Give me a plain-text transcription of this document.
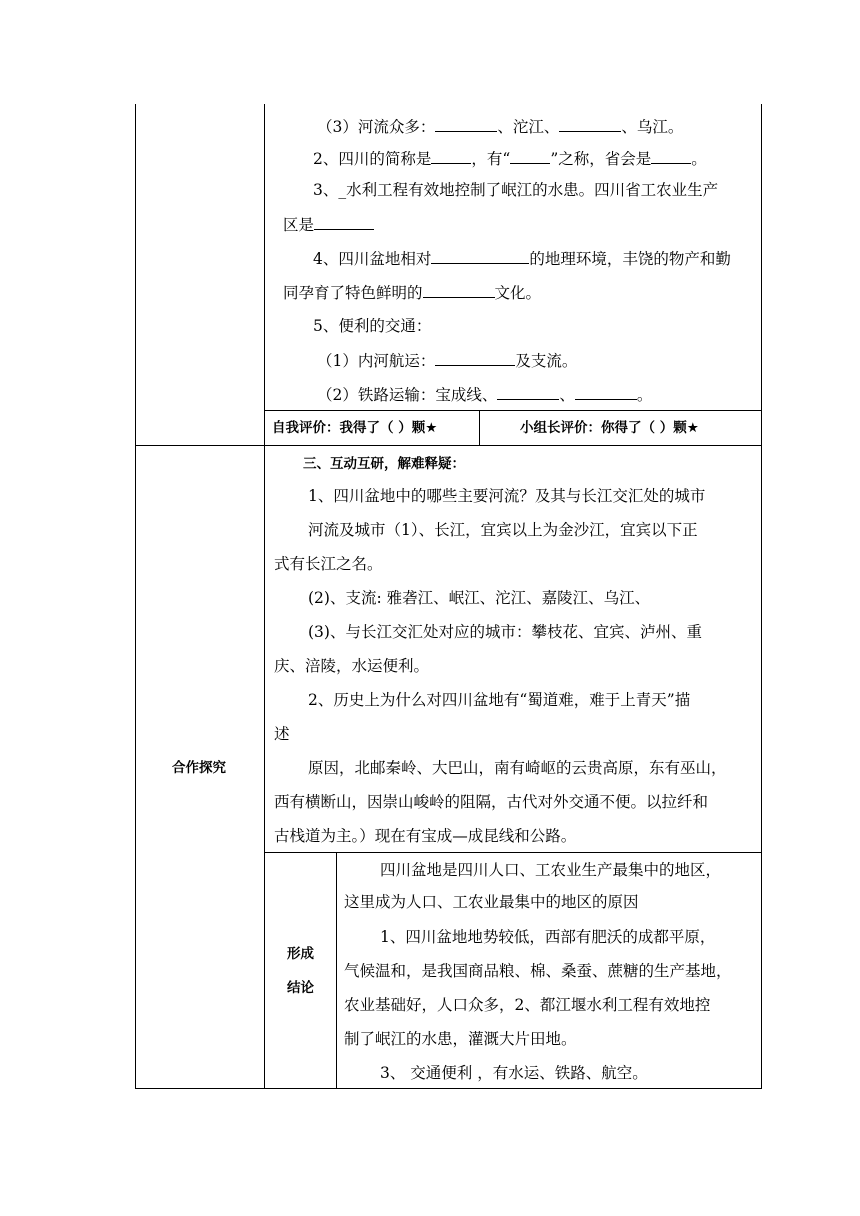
（3）河流众多：	、沱江、	、乌江。
2、四川的简称是	，有“	”之称，省会是	。
3、_水利工程有效地控制了岷江的水患。四川省工农业生产
区是
4、四川盆地相对	的地理环境，丰饶的物产和勤
同孕育了特色鲜明的	文化。
5、便利的交通：
（1）内河航运：	及支流。
（2）铁路运输：宝成线、	、	。
自我评价：我得了（ ）颗★	小组长评价：你得了（ ）颗★
合作探究
三、互动互研，解难释疑：
1、四川盆地中的哪些主要河流？及其与长江交汇处的城市
河流及城市（1）、长江，宜宾以上为金沙江，宜宾以下正
式有长江之名。
(2)、支流: 雅砻江、岷江、沱江、嘉陵江、乌江、
(3)、与长江交汇处对应的城市：攀枝花、宜宾、泸州、重
庆、涪陵，水运便利。
2、历史上为什么对四川盆地有“蜀道难，难于上青天”描
述
原因，北邮秦岭、大巴山，南有崎岖的云贵高原，东有巫山，
西有横断山，因崇山峻岭的阻隔，古代对外交通不便。以拉纤和
古栈道为主。）现在有宝成—成昆线和公路。
形成
结论
四川盆地是四川人口、工农业生产最集中的地区，
这里成为人口、工农业最集中的地区的原因
1、四川盆地地势较低，西部有肥沃的成都平原，
气候温和，是我国商品粮、棉、桑蚕、蔗糖的生产基地，
农业基础好，人口众多，2、都江堰水利工程有效地控
制了岷江的水患，灌溉大片田地。
3、 交通便利 ，有水运、铁路、航空。
